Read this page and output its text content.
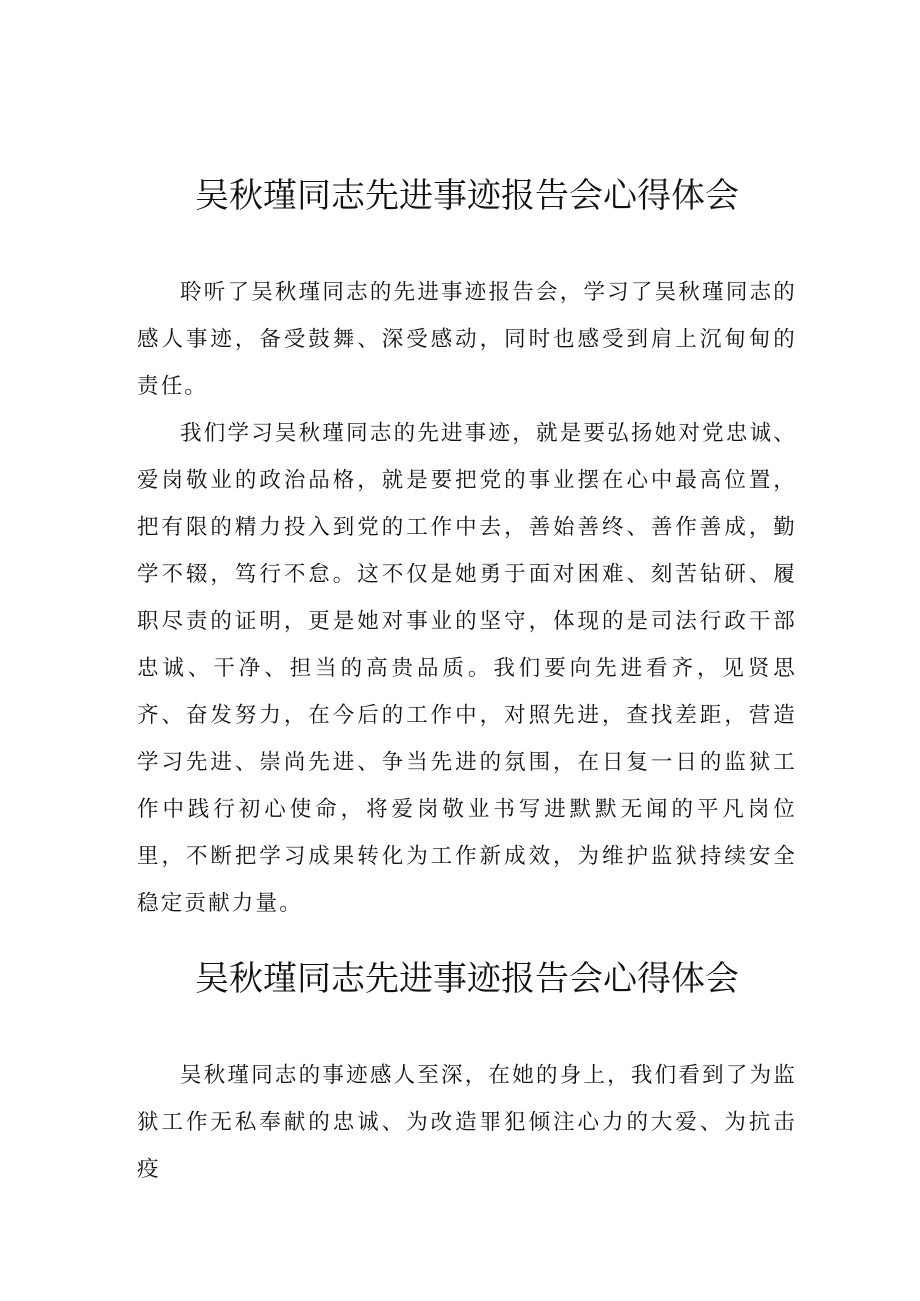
吴秋瑾同志先进事迹报告会心得体会

聆听了吴秋瑾同志的先进事迹报告会，学习了吴秋瑾同志的感人事迹，备受鼓舞、深受感动，同时也感受到肩上沉甸甸的责任。

我们学习吴秋瑾同志的先进事迹，就是要弘扬她对党忠诚、爱岗敬业的政治品格，就是要把党的事业摆在心中最高位置，把有限的精力投入到党的工作中去，善始善终、善作善成，勤学不辍，笃行不怠。这不仅是她勇于面对困难、刻苦钻研、履职尽责的证明，更是她对事业的坚守，体现的是司法行政干部忠诚、干净、担当的高贵品质。我们要向先进看齐，见贤思齐、奋发努力，在今后的工作中，对照先进，查找差距，营造学习先进、崇尚先进、争当先进的氛围，在日复一日的监狱工作中践行初心使命，将爱岗敬业书写进默默无闻的平凡岗位里，不断把学习成果转化为工作新成效，为维护监狱持续安全稳定贡献力量。

吴秋瑾同志先进事迹报告会心得体会

吴秋瑾同志的事迹感人至深，在她的身上，我们看到了为监狱工作无私奉献的忠诚、为改造罪犯倾注心力的大爱、为抗击疫
